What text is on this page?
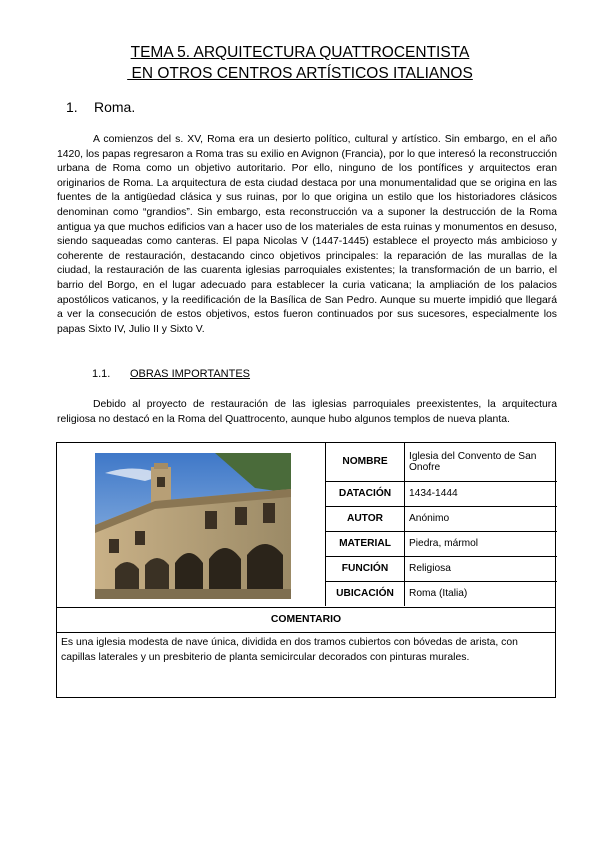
TEMA 5. ARQUITECTURA QUATTROCENTISTA
EN OTROS CENTROS ARTÍSTICOS ITALIANOS
1. Roma.
A comienzos del s. XV, Roma era un desierto político, cultural y artístico. Sin embargo, en el año 1420, los papas regresaron a Roma tras su exilio en Avignon (Francia), por lo que interesó la reconstrucción urbana de Roma como un objetivo autoritario. Por ello, ninguno de los pontífices y arquitectos eran originarios de Roma. La arquitectura de esta ciudad destaca por una monumentalidad que se origina en las fuentes de la antigüedad clásica y sus ruinas, por lo que origina un estilo que los historiadores clásicos denominan como “grandios”. Sin embargo, esta reconstrucción va a suponer la destrucción de la Roma antigua ya que muchos edificios van a hacer uso de los materiales de esta ruinas y monumentos en desuso, siendo saqueadas como canteras. El papa Nicolas V (1447-1445) establece el proyecto más ambicioso y coherente de restauración, destacando cinco objetivos principales: la reparación de las murallas de la ciudad, la restauración de las cuarenta iglesias parroquiales existentes; la transformación de un barrio, el barrio del Borgo, en el lugar adecuado para establecer la curia vaticana; la ampliación de los palacios apostólicos vaticanos, y la reedificación de la Basílica de San Pedro. Aunque su muerte impidió que llegará a ver la consecución de estos objetivos, estos fueron continuados por sus sucesores, especialmente los papas Sixto IV, Julio II y Sixto V.
1.1. OBRAS IMPORTANTES
Debido al proyecto de restauración de las iglesias parroquiales preexistentes, la arquitectura religiosa no destacó en la Roma del Quattrocento, aunque hubo algunos templos de nueva planta.
NOMBRE	Iglesia del Convento de San Onofre
DATACIÓN	1434-1444
AUTOR	Anónimo
MATERIAL	Piedra, mármol
FUNCIÓN	Religiosa
UBICACIÓN	Roma (Italia)
COMENTARIO
Es una iglesia modesta de nave única, dividida en dos tramos cubiertos con bóvedas de arista, con capillas laterales y un presbiterio de planta semicircular decorados con pinturas murales.
